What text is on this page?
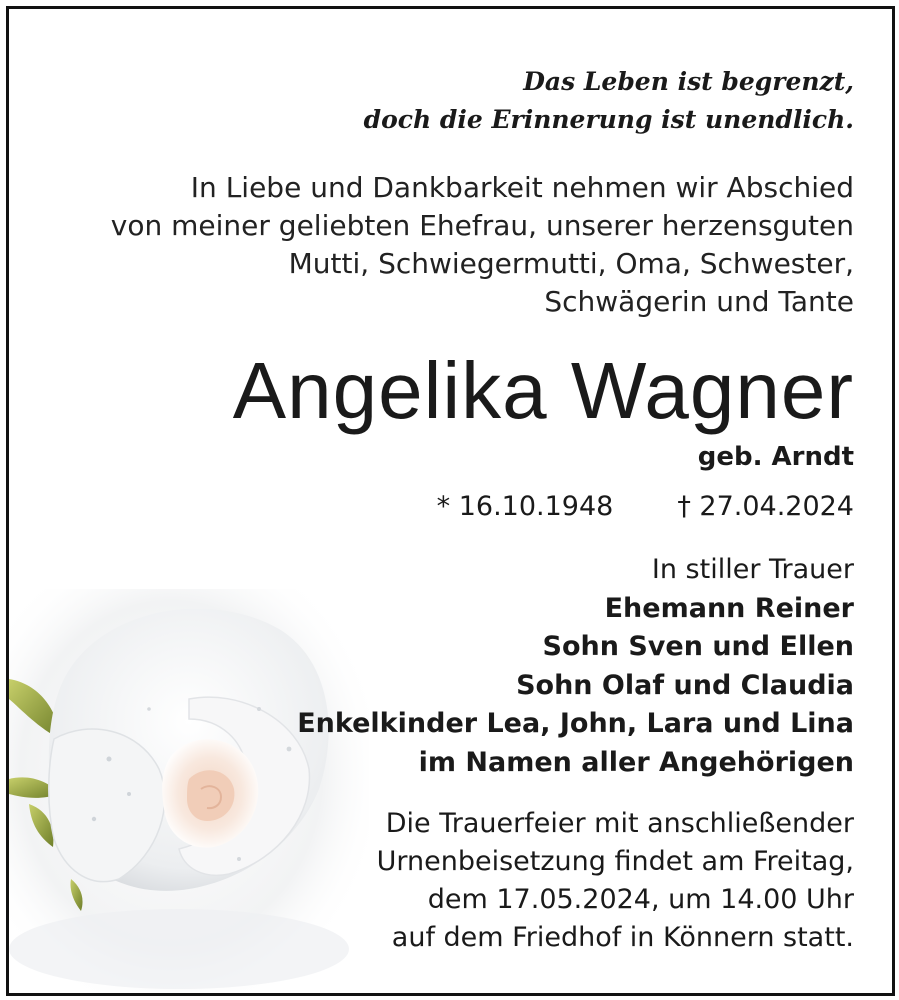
Das Leben ist begrenzt,
doch die Erinnerung ist unendlich.
In Liebe und Dankbarkeit nehmen wir Abschied
von meiner geliebten Ehefrau, unserer herzensguten
Mutti, Schwiegermutti, Oma, Schwester,
Schwägerin und Tante
Angelika Wagner
geb. Arndt
* 16.10.1948 † 27.04.2024
In stiller Trauer
Ehemann Reiner
Sohn Sven und Ellen
Sohn Olaf und Claudia
Enkelkinder Lea, John, Lara und Lina
im Namen aller Angehörigen
Die Trauerfeier mit anschließender
Urnenbeisetzung findet am Freitag,
dem 17.05.2024, um 14.00 Uhr
auf dem Friedhof in Könnern statt.
